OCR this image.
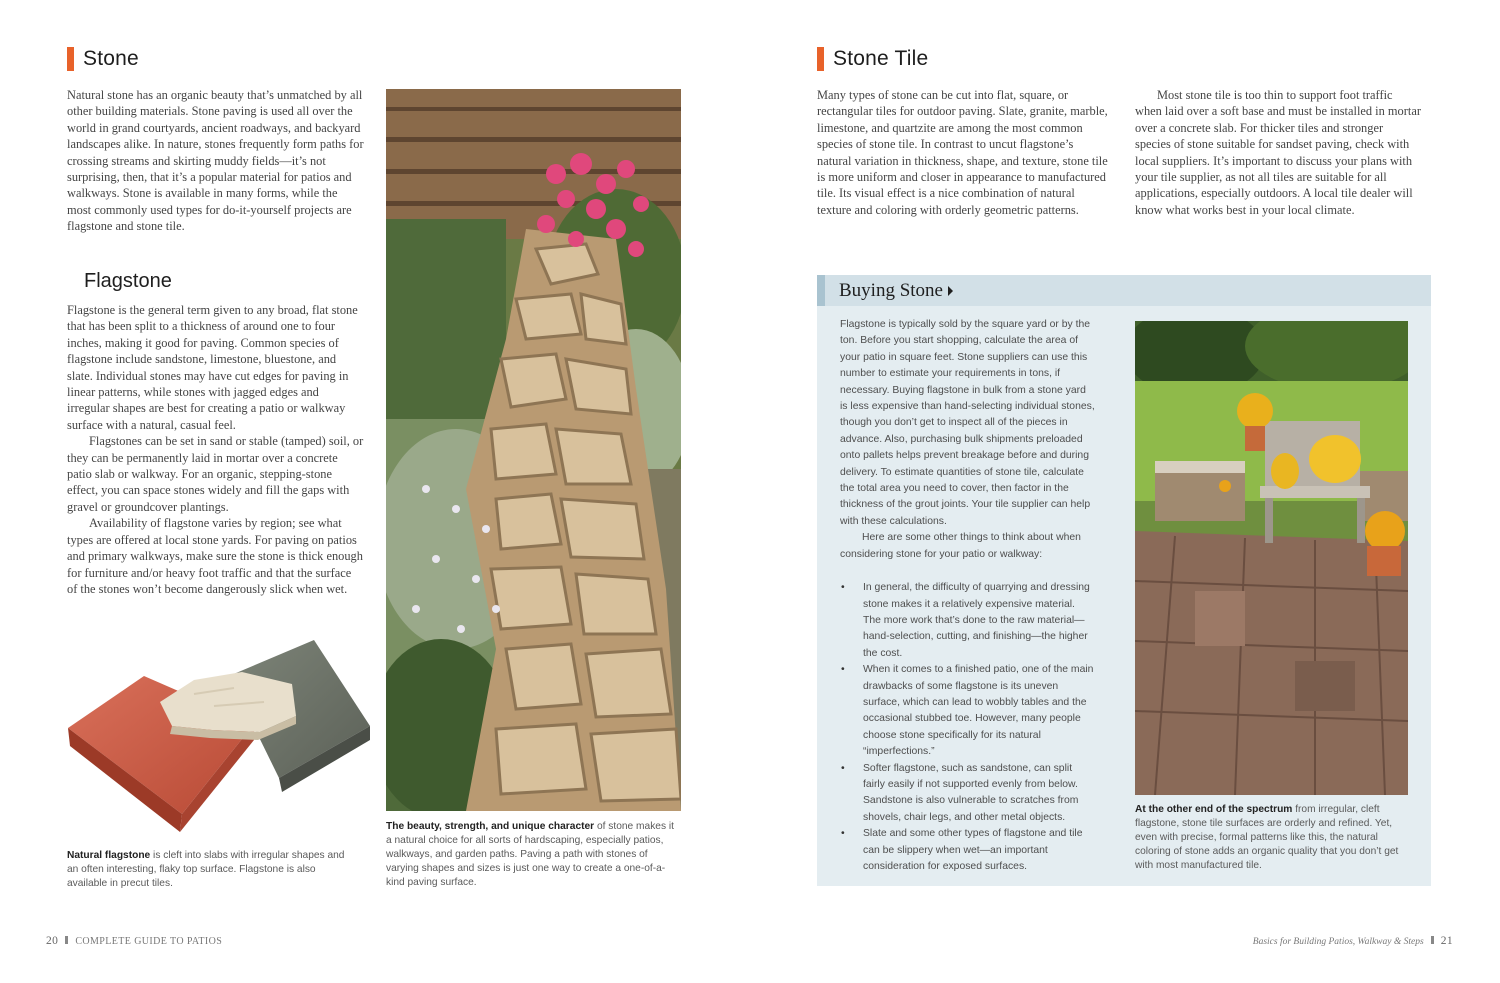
Stone

Natural stone has an organic beauty that’s unmatched by all other building materials. Stone paving is used all over the world in grand courtyards, ancient roadways, and backyard landscapes alike. In nature, stones frequently form paths for crossing streams and skirting muddy fields—it’s not surprising, then, that it’s a popular material for patios and walkways. Stone is available in many forms, while the most commonly used types for do-it-yourself projects are flagstone and stone tile.

Flagstone

Flagstone is the general term given to any broad, flat stone that has been split to a thickness of around one to four inches, making it good for paving. Common species of flagstone include sandstone, limestone, bluestone, and slate. Individual stones may have cut edges for paving in linear patterns, while stones with jagged edges and irregular shapes are best for creating a patio or walkway surface with a natural, casual feel.

Flagstones can be set in sand or stable (tamped) soil, or they can be permanently laid in mortar over a concrete patio slab or walkway. For an organic, stepping-stone effect, you can space stones widely and fill the gaps with gravel or groundcover plantings.

Availability of flagstone varies by region; see what types are offered at local stone yards. For paving on patios and primary walkways, make sure the stone is thick enough for furniture and/or heavy foot traffic and that the surface of the stones won’t become dangerously slick when wet.

Natural flagstone is cleft into slabs with irregular shapes and an often interesting, flaky top surface. Flagstone is also available in precut tiles.
The beauty, strength, and unique character of stone makes it a natural choice for all sorts of hardscaping, especially patios, walkways, and garden paths. Paving a path with stones of varying shapes and sizes is just one way to create a one-of-a-kind paving surface.
20 COMPLETE GUIDE TO PATIOS
Stone Tile

Many types of stone can be cut into flat, square, or rectangular tiles for outdoor paving. Slate, granite, marble, limestone, and quartzite are among the most common species of stone tile. In contrast to uncut flagstone’s natural variation in thickness, shape, and texture, stone tile is more uniform and closer in appearance to manufactured tile. Its visual effect is a nice combination of natural texture and coloring with orderly geometric patterns.

Most stone tile is too thin to support foot traffic when laid over a soft base and must be installed in mortar over a concrete slab. For thicker tiles and stronger species of stone suitable for sandset paving, check with local suppliers. It’s important to discuss your plans with your tile supplier, as not all tiles are suitable for all applications, especially outdoors. A local tile dealer will know what works best in your local climate.

Buying Stone

Flagstone is typically sold by the square yard or by the ton. Before you start shopping, calculate the area of your patio in square feet. Stone suppliers can use this number to estimate your requirements in tons, if necessary. Buying flagstone in bulk from a stone yard is less expensive than hand-selecting individual stones, though you don’t get to inspect all of the pieces in advance. Also, purchasing bulk shipments preloaded onto pallets helps prevent breakage before and during delivery. To estimate quantities of stone tile, calculate the total area you need to cover, then factor in the thickness of the grout joints. Your tile supplier can help with these calculations.

Here are some other things to think about when considering stone for your patio or walkway:

• In general, the difficulty of quarrying and dressing stone makes it a relatively expensive material. The more work that’s done to the raw material—hand-selection, cutting, and finishing—the higher the cost.
• When it comes to a finished patio, one of the main drawbacks of some flagstone is its uneven surface, which can lead to wobbly tables and the occasional stubbed toe. However, many people choose stone specifically for its natural “imperfections.”
• Softer flagstone, such as sandstone, can split fairly easily if not supported evenly from below. Sandstone is also vulnerable to scratches from shovels, chair legs, and other metal objects.
• Slate and some other types of flagstone and tile can be slippery when wet—an important consideration for exposed surfaces.
At the other end of the spectrum from irregular, cleft flagstone, stone tile surfaces are orderly and refined. Yet, even with precise, formal patterns like this, the natural coloring of stone adds an organic quality that you don’t get with most manufactured tile.
Basics for Building Patios, Walkway & Steps 21
